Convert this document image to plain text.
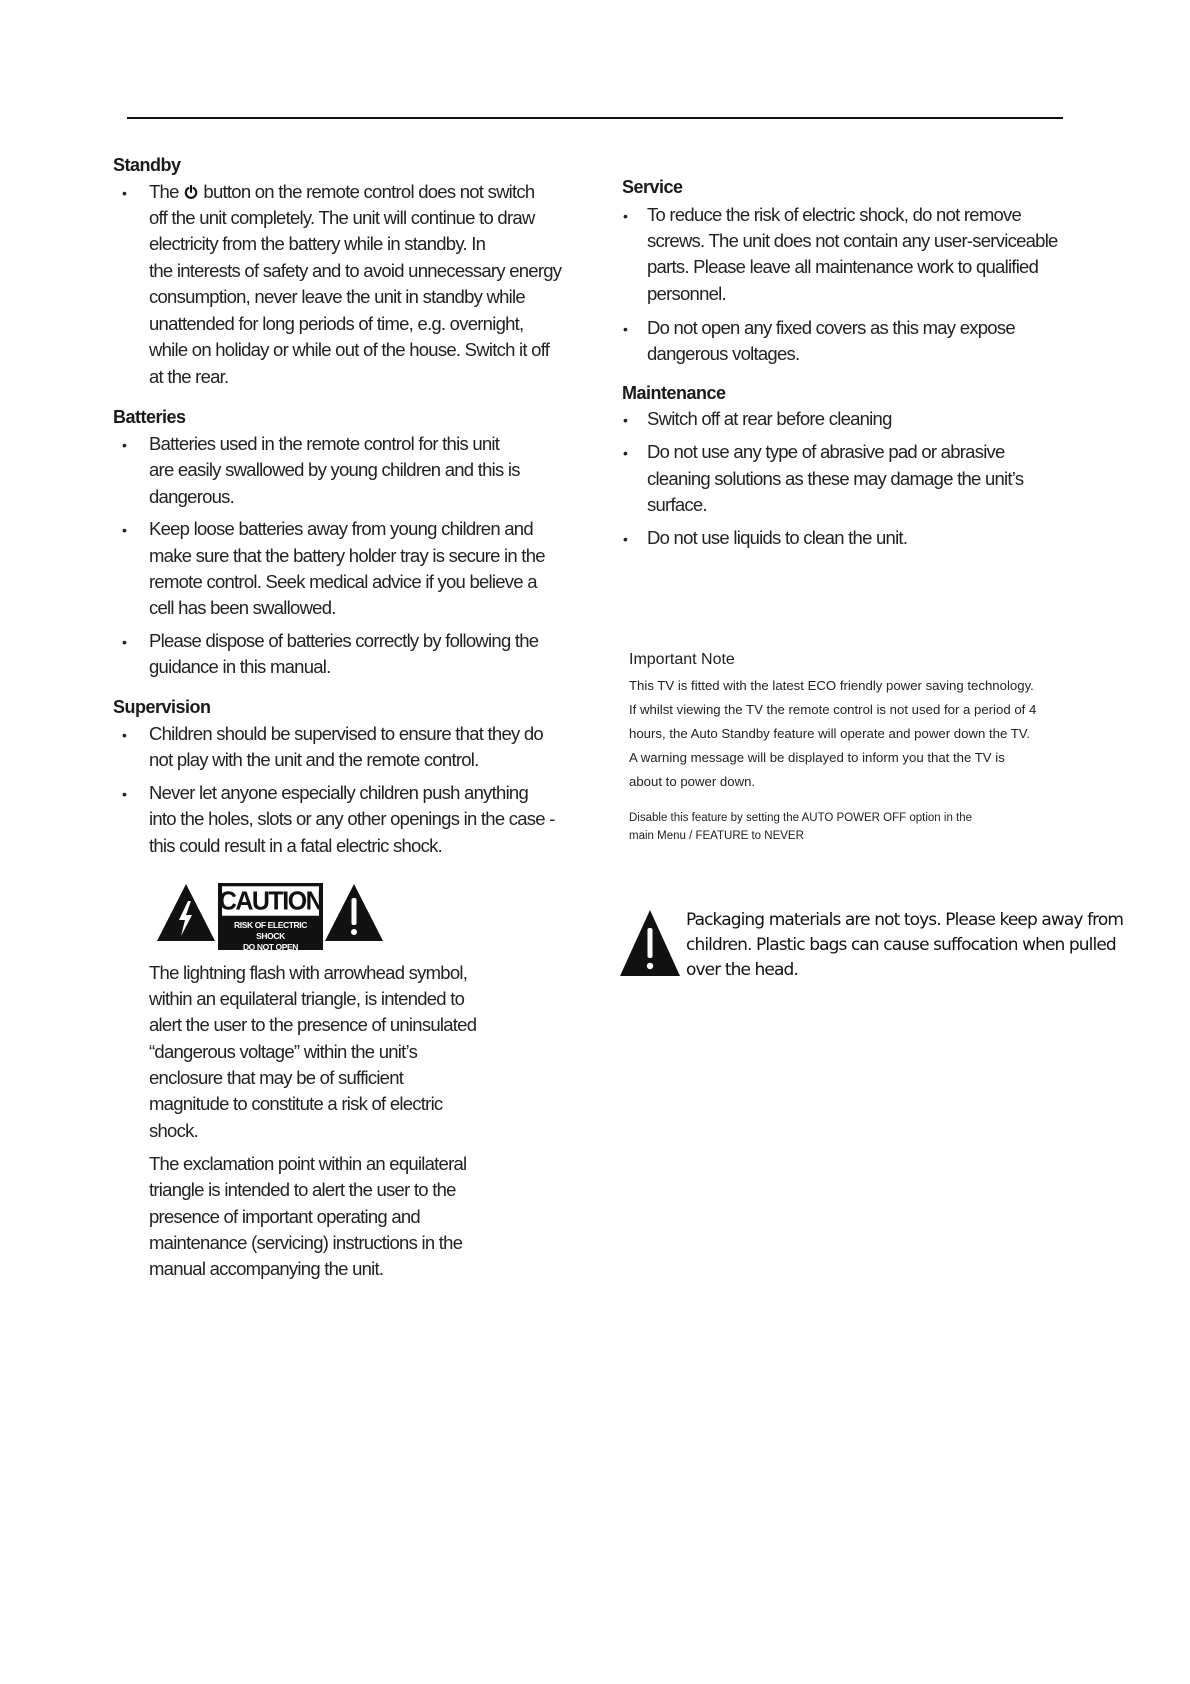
Standby
• The button on the remote control does not switch
off the unit completely. The unit will continue to draw
electricity from the battery while in standby. In
the interests of safety and to avoid unnecessary energy
consumption, never leave the unit in standby while
unattended for long periods of time, e.g. overnight,
while on holiday or while out of the house. Switch it off
at the rear.
Batteries
• Batteries used in the remote control for this unit
are easily swallowed by young children and this is
dangerous.
• Keep loose batteries away from young children and
make sure that the battery holder tray is secure in the
remote control. Seek medical advice if you believe a
cell has been swallowed.
• Please dispose of batteries correctly by following the
guidance in this manual.
Supervision
• Children should be supervised to ensure that they do
not play with the unit and the remote control.
• Never let anyone especially children push anything
into the holes, slots or any other openings in the case -
this could result in a fatal electric shock.
CAUTION
RISK OF ELECTRIC SHOCK
DO NOT OPEN
The lightning flash with arrowhead symbol,
within an equilateral triangle, is intended to
alert the user to the presence of uninsulated
“dangerous voltage” within the unit’s
enclosure that may be of sufficient
magnitude to constitute a risk of electric
shock.
The exclamation point within an equilateral
triangle is intended to alert the user to the
presence of important operating and
maintenance (servicing) instructions in the
manual accompanying the unit.
Service
• To reduce the risk of electric shock, do not remove
screws. The unit does not contain any user-serviceable
parts. Please leave all maintenance work to qualified
personnel.
• Do not open any fixed covers as this may expose
dangerous voltages.
Maintenance
• Switch off at rear before cleaning
• Do not use any type of abrasive pad or abrasive
cleaning solutions as these may damage the unit’s
surface.
• Do not use liquids to clean the unit.
Important Note
This TV is fitted with the latest ECO friendly power saving technology.
If whilst viewing the TV the remote control is not used for a period of 4
hours, the Auto Standby feature will operate and power down the TV.
A warning message will be displayed to inform you that the TV is
about to power down.
Disable this feature by setting the AUTO POWER OFF option in the
main Menu / FEATURE to NEVER
Packaging materials are not toys. Please keep away from
children. Plastic bags can cause suffocation when pulled
over the head.
